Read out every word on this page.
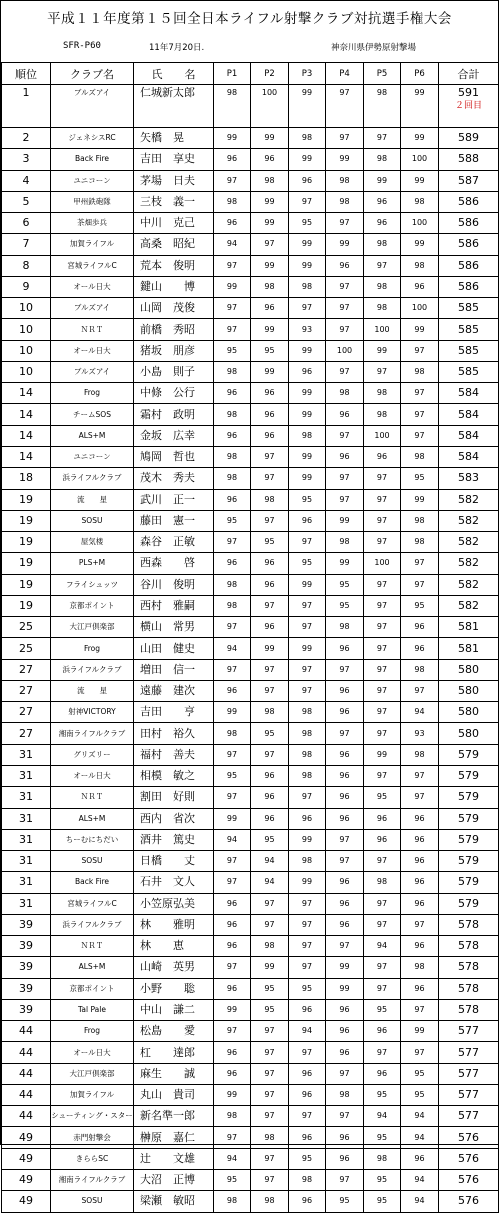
平成１１年度第１５回全日本ライフル射撃クラブ対抗選手権大会
SFR-P60	11年7月20日.	神奈川県伊勢原射撃場
順位	クラブ名	氏　　名	P1	P2	P3	P4	P5	P6	合計
1	ブルズアイ	仁城新太郎	98	100	99	97	98	99	591
２回目

2	ジェネシスRC	矢橋　晃	99	99	98	97	97	99	589
3	Back Fire	吉田　享史	96	96	99	99	98	100	588
4	ユニコーン	茅場　日夫	97	98	96	98	99	99	587
5	甲州鉄砲隊	三枝　義一	98	99	97	98	96	98	586
6	茶畑歩兵	中川　克己	96	99	95	97	96	100	586
7	加賀ライフル	高桑　昭紀	94	97	99	99	98	99	586
8	宮城ライフルC	荒本　俊明	97	99	99	96	97	98	586
9	オール日大	鍵山　　博	99	98	98	97	98	96	586
10	ブルズアイ	山岡　茂俊	97	96	97	97	98	100	585
10	ＮＲＴ	前橋　秀昭	97	99	93	97	100	99	585
10	オール日大	猪坂　朋彦	95	95	99	100	99	97	585
10	ブルズアイ	小島　則子	98	99	96	97	97	98	585
14	Frog	中條　公行	96	96	99	98	98	97	584
14	チームSOS	霜村　政明	98	96	99	96	98	97	584
14	ALS+M	金坂　広幸	96	96	98	97	100	97	584
14	ユニコーン	鳩岡　哲也	98	97	99	96	96	98	584
18	浜ライフルクラブ	茂木　秀夫	98	97	99	97	97	95	583
19	流　　星	武川　正一	96	98	95	97	97	99	582
19	SOSU	藤田　憲一	95	97	96	99	97	98	582
19	屋気楼	森谷　正敏	97	95	97	98	97	98	582
19	PLS+M	西森　　啓	96	96	95	99	100	97	582
19	フライシュッツ	谷川　俊明	98	96	99	95	97	97	582
19	京都ポイント	西村　雅嗣	98	97	97	95	97	95	582
25	大江戸倶楽部	横山　常男	97	96	97	98	97	96	581
25	Frog	山田　健史	94	99	99	96	97	96	581
27	浜ライフルクラブ	増田　信一	97	97	97	97	97	98	580
27	流　　星	遠藤　建次	96	97	97	96	97	97	580
27	射神VICTORY	吉田　　亨	99	98	98	96	97	94	580
27	湘南ライフルクラブ	田村　裕久	98	95	98	97	97	93	580
31	グリズリー	福村　善夫	97	97	98	96	99	98	579
31	オール日大	相模　敏之	95	96	98	96	97	97	579
31	ＮＲＴ	割田　好則	97	96	97	96	95	97	579
31	ALS+M	西内　省次	99	96	96	96	96	96	579
31	ちーむにちだい	酒井　篤史	94	95	99	97	96	96	579
31	SOSU	日橋　　丈	97	94	98	97	97	96	579
31	Back Fire	石井　文人	97	94	99	96	98	96	579
31	宮城ライフルC	小笠原弘美	96	97	97	96	97	96	579
39	浜ライフルクラブ	林　　雅明	96	97	97	96	97	97	578
39	ＮＲＴ	林　　恵	96	98	97	97	94	96	578
39	ALS+M	山崎　英男	97	99	97	99	97	98	578
39	京都ポイント	小野　　聡	96	95	95	99	97	96	578
39	Tal Pale	中山　謙二	99	95	96	96	95	97	578
44	Frog	松島　　愛	97	97	94	96	96	99	577
44	オール日大	杠　　達郎	96	97	97	96	97	97	577
44	大江戸倶楽部	麻生　　誠	96	97	96	97	96	95	577
44	加賀ライフル	丸山　貴司	99	97	96	98	95	95	577
44	シューティング・スター	新名準一郎	98	97	97	97	94	94	577
49	赤門射撃会	榊原　嘉仁	97	98	96	96	95	94	576
49	きららSC	辻　　文雄	94	97	95	96	98	96	576
49	湘南ライフルクラブ	大沼　正博	95	97	98	97	95	94	576
49	SOSU	梁瀬　敏昭	98	98	96	95	95	94	576
